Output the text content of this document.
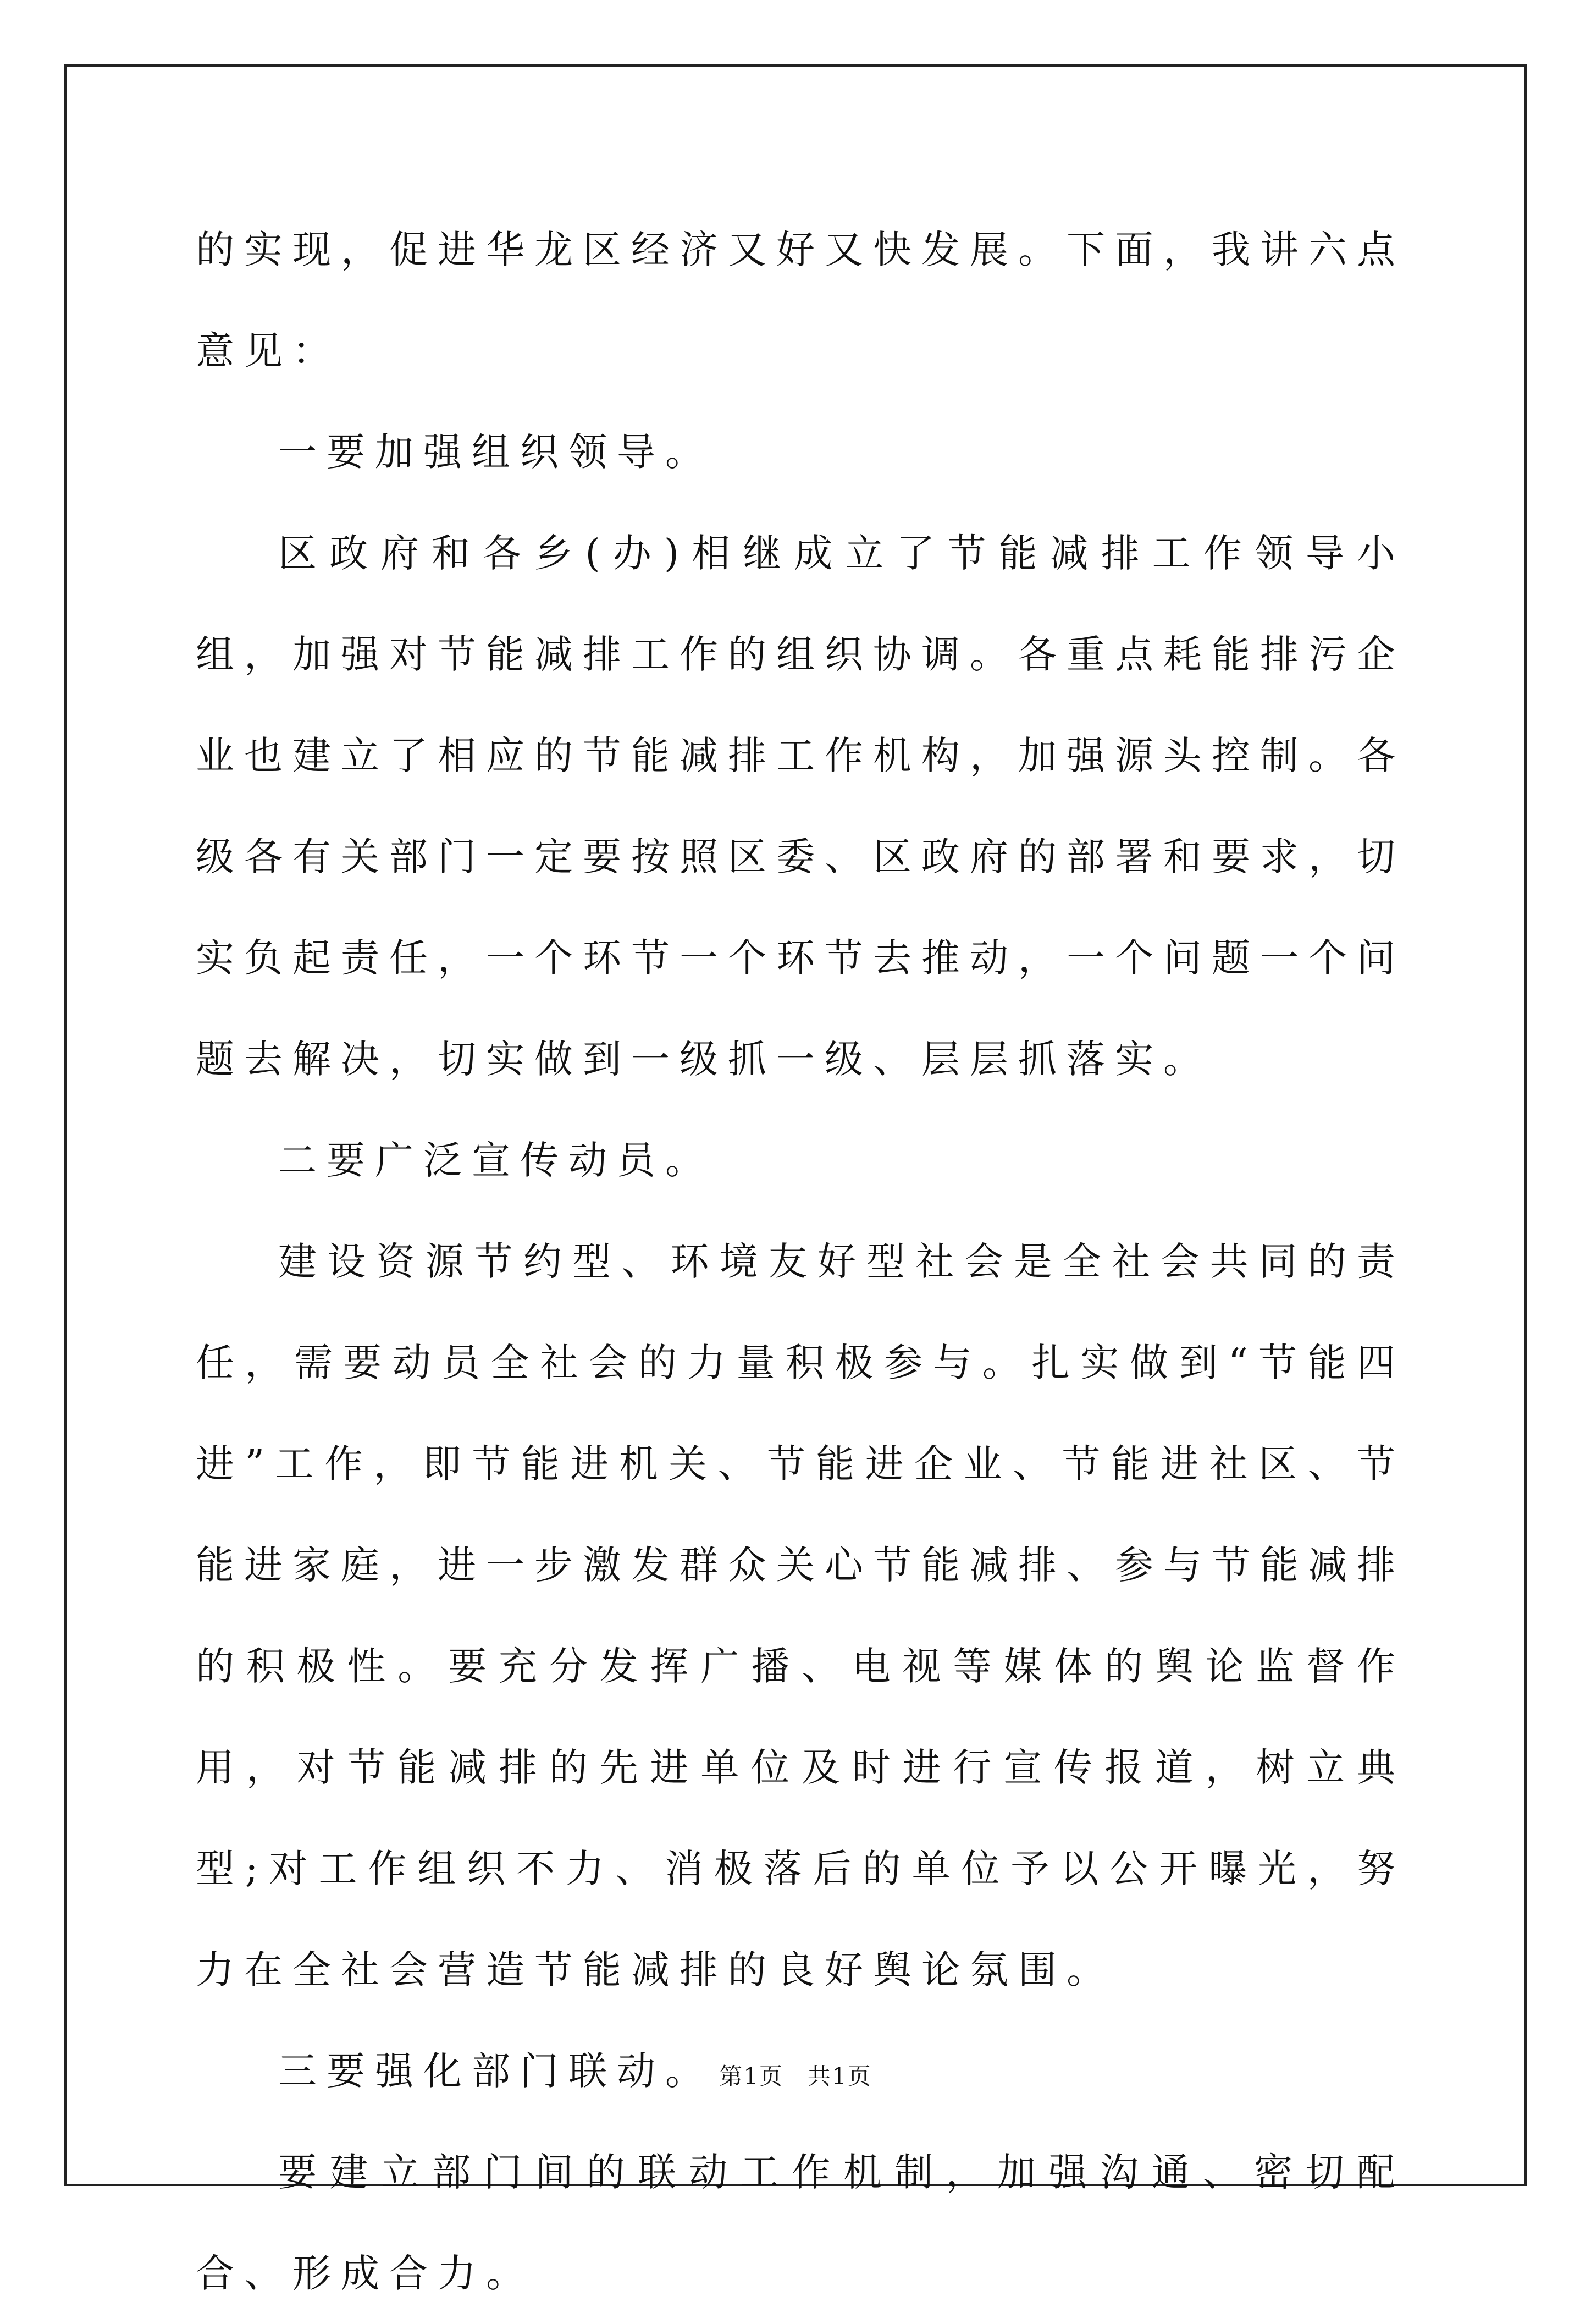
的实现，促进华龙区经济又好又快发展。下面，我讲六点意见：

一要加强组织领导。

区政府和各乡(办)相继成立了节能减排工作领导小组，加强对节能减排工作的组织协调。各重点耗能排污企业也建立了相应的节能减排工作机构，加强源头控制。各级各有关部门一定要按照区委、区政府的部署和要求，切实负起责任，一个环节一个环节去推动，一个问题一个问题去解决，切实做到一级抓一级、层层抓落实。

二要广泛宣传动员。

建设资源节约型、环境友好型社会是全社会共同的责任，需要动员全社会的力量积极参与。扎实做到“节能四进”工作，即节能进机关、节能进企业、节能进社区、节能进家庭，进一步激发群众关心节能减排、参与节能减排的积极性。要充分发挥广播、电视等媒体的舆论监督作用，对节能减排的先进单位及时进行宣传报道，树立典型;对工作组织不力、消极落后的单位予以公开曝光，努力在全社会营造节能减排的良好舆论氛围。

三要强化部门联动。

要建立部门间的联动工作机制，加强沟通、密切配合、形成合力。

第1页　共1页
